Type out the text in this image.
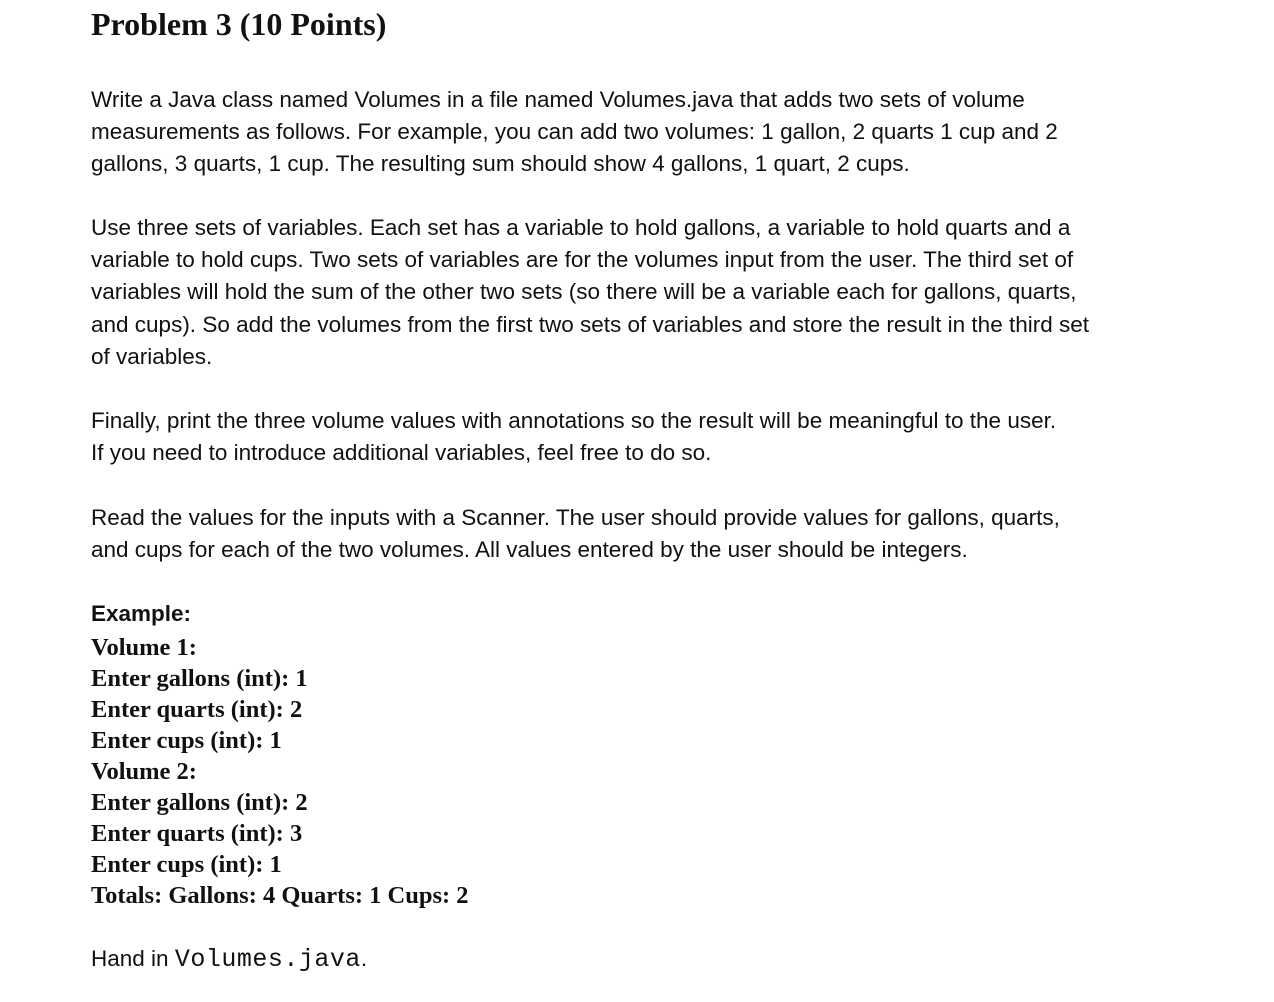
Problem 3 (10 Points)
Write a Java class named Volumes in a file named Volumes.java that adds two sets of volume
measurements as follows. For example, you can add two volumes: 1 gallon, 2 quarts 1 cup and 2
gallons, 3 quarts, 1 cup. The resulting sum should show 4 gallons, 1 quart, 2 cups.
Use three sets of variables. Each set has a variable to hold gallons, a variable to hold quarts and a
variable to hold cups. Two sets of variables are for the volumes input from the user. The third set of
variables will hold the sum of the other two sets (so there will be a variable each for gallons, quarts,
and cups). So add the volumes from the first two sets of variables and store the result in the third set
of variables.
Finally, print the three volume values with annotations so the result will be meaningful to the user.
If you need to introduce additional variables, feel free to do so.
Read the values for the inputs with a Scanner. The user should provide values for gallons, quarts,
and cups for each of the two volumes. All values entered by the user should be integers.
Example:
Volume 1:
Enter gallons (int): 1
Enter quarts (int): 2
Enter cups (int): 1
Volume 2:
Enter gallons (int): 2
Enter quarts (int): 3
Enter cups (int): 1
Totals: Gallons: 4 Quarts: 1 Cups: 2
Hand in Volumes.java.
